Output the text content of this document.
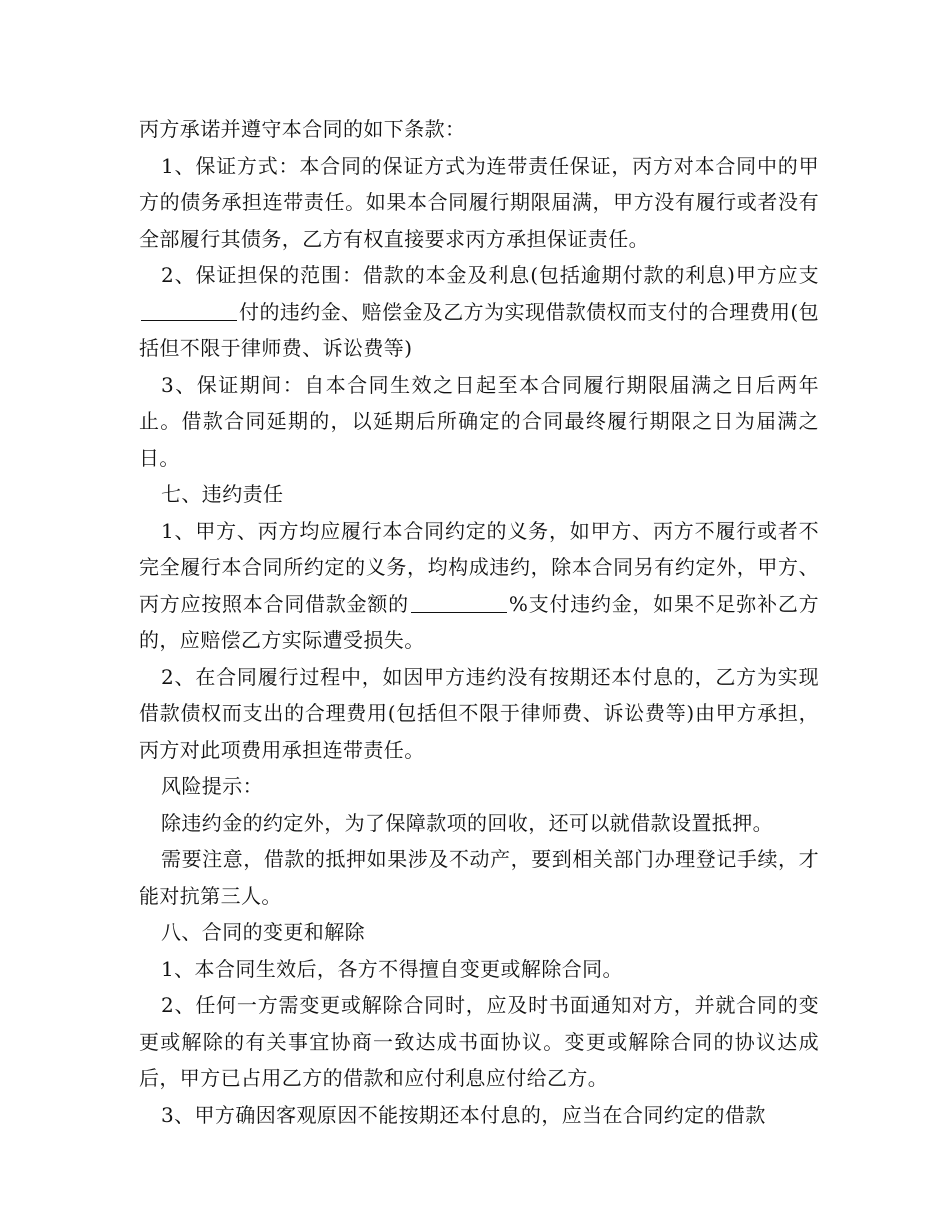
丙方承诺并遵守本合同的如下条款：

1、保证方式：本合同的保证方式为连带责任保证，丙方对本合同中的甲方的债务承担连带责任。如果本合同履行期限届满，甲方没有履行或者没有全部履行其债务，乙方有权直接要求丙方承担保证责任。

2、保证担保的范围：借款的本金及利息(包括逾期付款的利息)甲方应支付的违约金、赔偿金及乙方为实现借款债权而支付的合理费用(包括但不限于律师费、诉讼费等)

3、保证期间：自本合同生效之日起至本合同履行期限届满之日后两年止。借款合同延期的，以延期后所确定的合同最终履行期限之日为届满之日。

七、违约责任

1、甲方、丙方均应履行本合同约定的义务，如甲方、丙方不履行或者不完全履行本合同所约定的义务，均构成违约，除本合同另有约定外，甲方、丙方应按照本合同借款金额的	%支付违约金，如果不足弥补乙方的，应赔偿乙方实际遭受损失。

2、在合同履行过程中，如因甲方违约没有按期还本付息的，乙方为实现借款债权而支出的合理费用(包括但不限于律师费、诉讼费等)由甲方承担，丙方对此项费用承担连带责任。

风险提示：

除违约金的约定外，为了保障款项的回收，还可以就借款设置抵押。

需要注意，借款的抵押如果涉及不动产，要到相关部门办理登记手续，才能对抗第三人。

八、合同的变更和解除

1、本合同生效后，各方不得擅自变更或解除合同。

2、任何一方需变更或解除合同时，应及时书面通知对方，并就合同的变更或解除的有关事宜协商一致达成书面协议。变更或解除合同的协议达成后，甲方已占用乙方的借款和应付利息应付给乙方。

3、甲方确因客观原因不能按期还本付息的，应当在合同约定的借款
